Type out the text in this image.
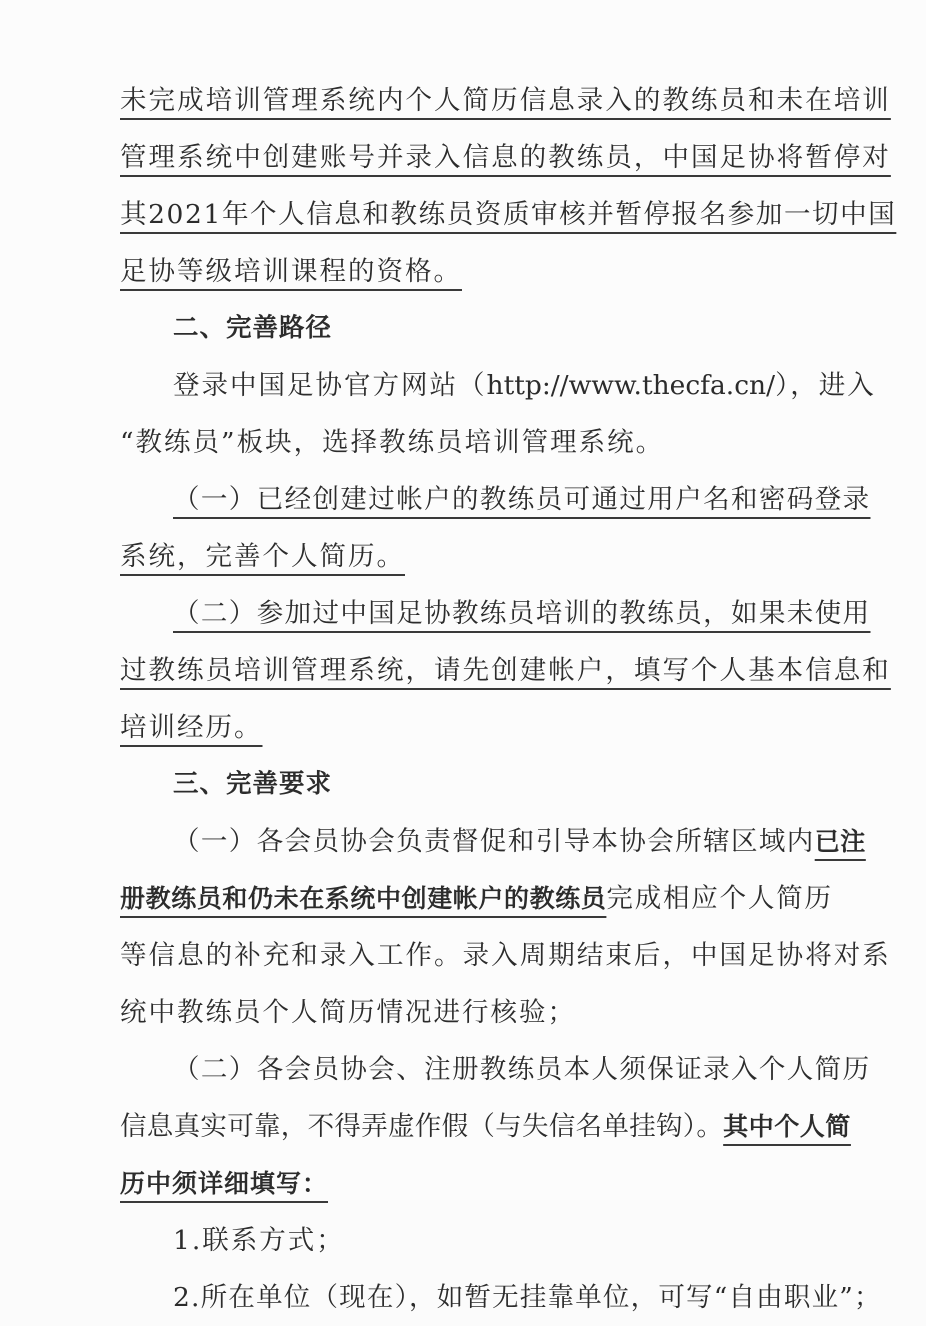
未完成培训管理系统内个人简历信息录入的教练员和未在培训
管理系统中创建账号并录入信息的教练员，中国足协将暂停对
其2021年个人信息和教练员资质审核并暂停报名参加一切中国
足协等级培训课程的资格。
二、完善路径
登录中国足协官方网站（http://www.thecfa.cn/），进入
“教练员”板块，选择教练员培训管理系统。
（一）已经创建过帐户的教练员可通过用户名和密码登录
系统，完善个人简历。
（二）参加过中国足协教练员培训的教练员，如果未使用
过教练员培训管理系统，请先创建帐户，填写个人基本信息和
培训经历。
三、完善要求
（一）各会员协会负责督促和引导本协会所辖区域内已注
册教练员和仍未在系统中创建帐户的教练员完成相应个人简历
等信息的补充和录入工作。录入周期结束后，中国足协将对系
统中教练员个人简历情况进行核验；
（二）各会员协会、注册教练员本人须保证录入个人简历
信息真实可靠，不得弄虚作假（与失信名单挂钩）。其中个人简
历中须详细填写：
1.联系方式；
2.所在单位（现在），如暂无挂靠单位，可写“自由职业”；
